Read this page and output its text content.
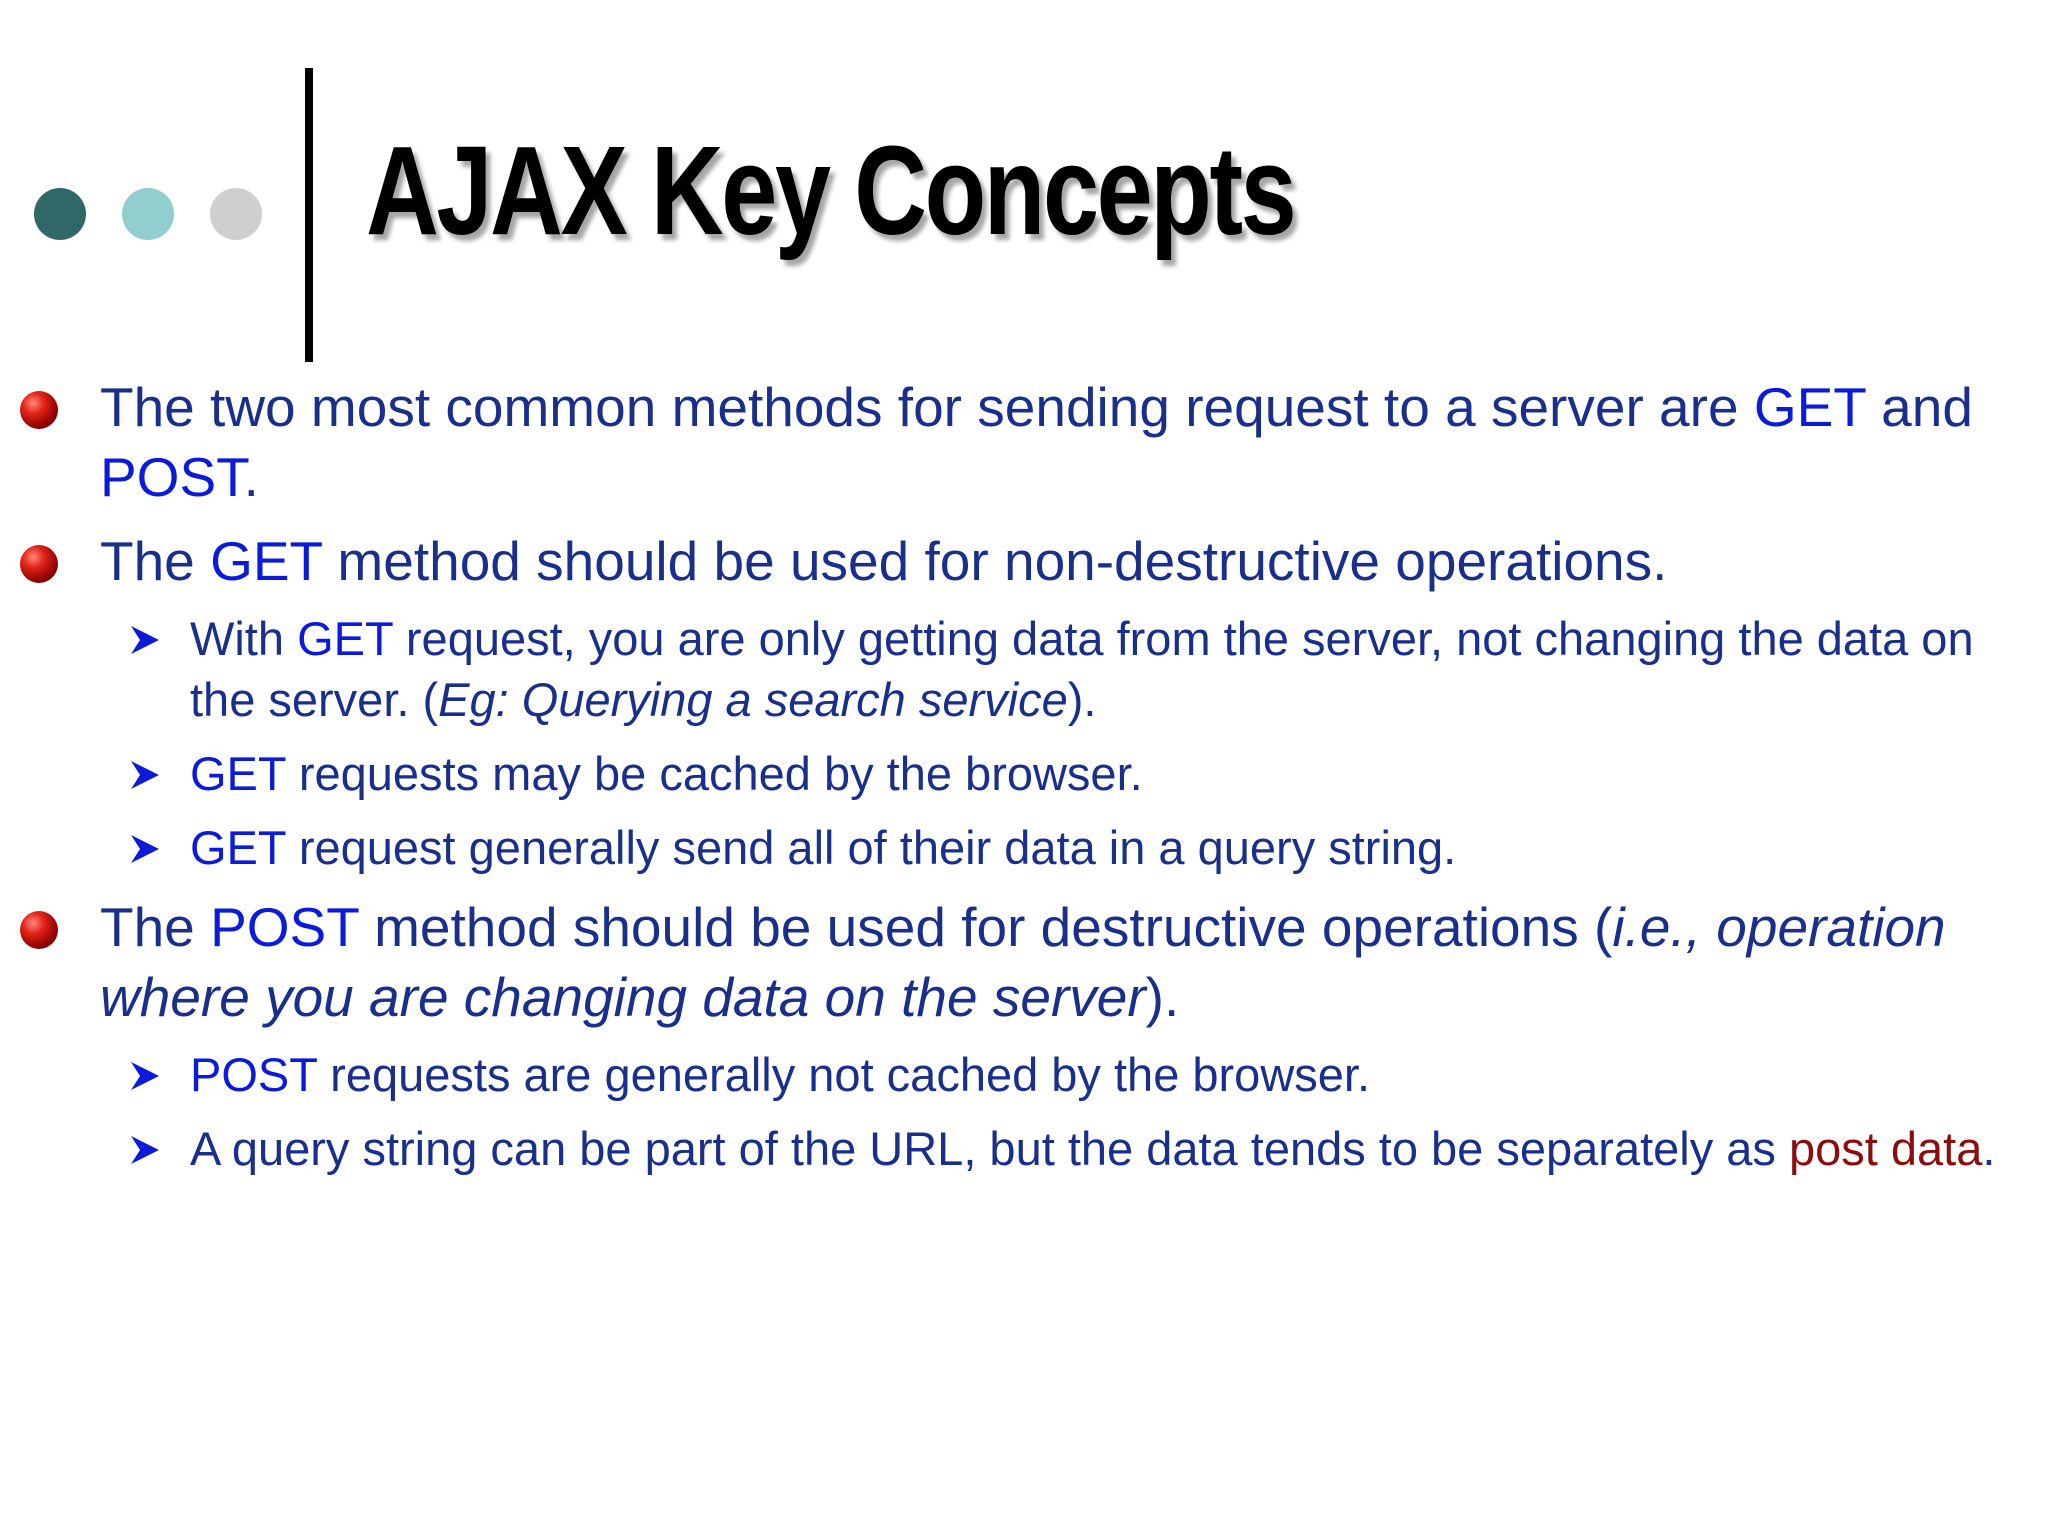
AJAX Key Concepts
The two most common methods for sending request to a server are GET and POST.
The GET method should be used for non-destructive operations.
With GET request, you are only getting data from the server, not changing the data on the server. (Eg: Querying a search service).
GET requests may be cached by the browser.
GET request generally send all of their data in a query string.
The POST method should be used for destructive operations (i.e., operation where you are changing data on the server).
POST requests are generally not cached by the browser.
A query string can be part of the URL, but the data tends to be separately as post data.
